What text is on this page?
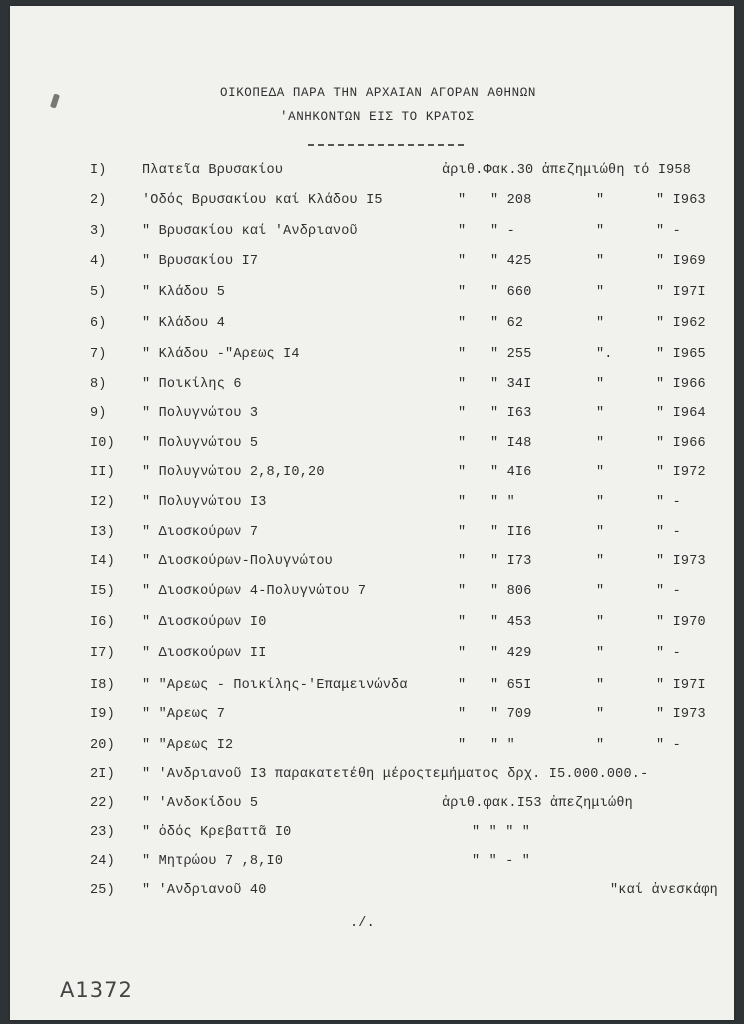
ΟΙΚΟΠΕΔΑ ΠΑΡΑ ΤΗΝ ΑΡΧΑΙΑΝ ΑΓΟΡΑΝ ΑΘΗΝΩΝ
'ΑΝΗΚΟΝΤΩΝ ΕΙΣ ΤΟ ΚΡΑΤΟΣ
I)	Πλατεῖα Βρυσακίου	ἀριθ.Φακ.30 ἀπεζημιώθη τό I958
2)	'Οδός Βρυσακίου καί Κλάδου I5	" " 208	"	" I963
3)	" Βρυσακίου καί 'Ανδριανοῦ	" " -	"	" -
4)	" Βρυσακίου I7	" " 425	"	" I969
5)	" Κλάδου 5	" " 660	"	" I97I
6)	" Κλάδου 4	" " 62	"	" I962
7)	" Κλάδου -"Αρεως I4	" " 255	".	" I965
8)	" Ποικίλης 6	" " 34I	"	" I966
9)	" Πολυγνώτου 3	" " I63	"	" I964
I0) " Πολυγνώτου 5	" " I48	"	" I966
II) " Πολυγνώτου 2,8,I0,20	" " 4I6	"	" I972
I2) " Πολυγνώτου I3	" " "	"	" -
I3) " Διοσκούρων 7	" " II6	"	" -
I4) " Διοσκούρων-Πολυγνώτου	" " I73	"	" I973
I5) " Διοσκούρων 4-Πολυγνώτου 7	" " 806	"	" -
I6) " Διοσκούρων I0	" " 453	"	" I970
I7) " Διοσκούρων II	" " 429	"	" -
I8) " "Αρεως - Ποικίλης-'Επαμεινώνδα	" " 65I	"	" I97I
I9) " "Αρεως 7	" " 709	"	" I973
20) " "Αρεως I2	" " "	"	" -
2I) " 'Ανδριανοῦ I3 παρακατετέθη μέροςτεμήματος δρχ. I5.000.000.-
22) " 'Ανδοκίδου 5	ἀριθ.φακ.I53 ἀπεζημιώθη
23) " ὀδός Κρεβαττᾶ I0	" " " "
24) " Μητρώου 7 ,8,I0	" " - "
25) " 'Ανδριανοῦ 40	"καί ἀνεσκάφη
./.
A1372
